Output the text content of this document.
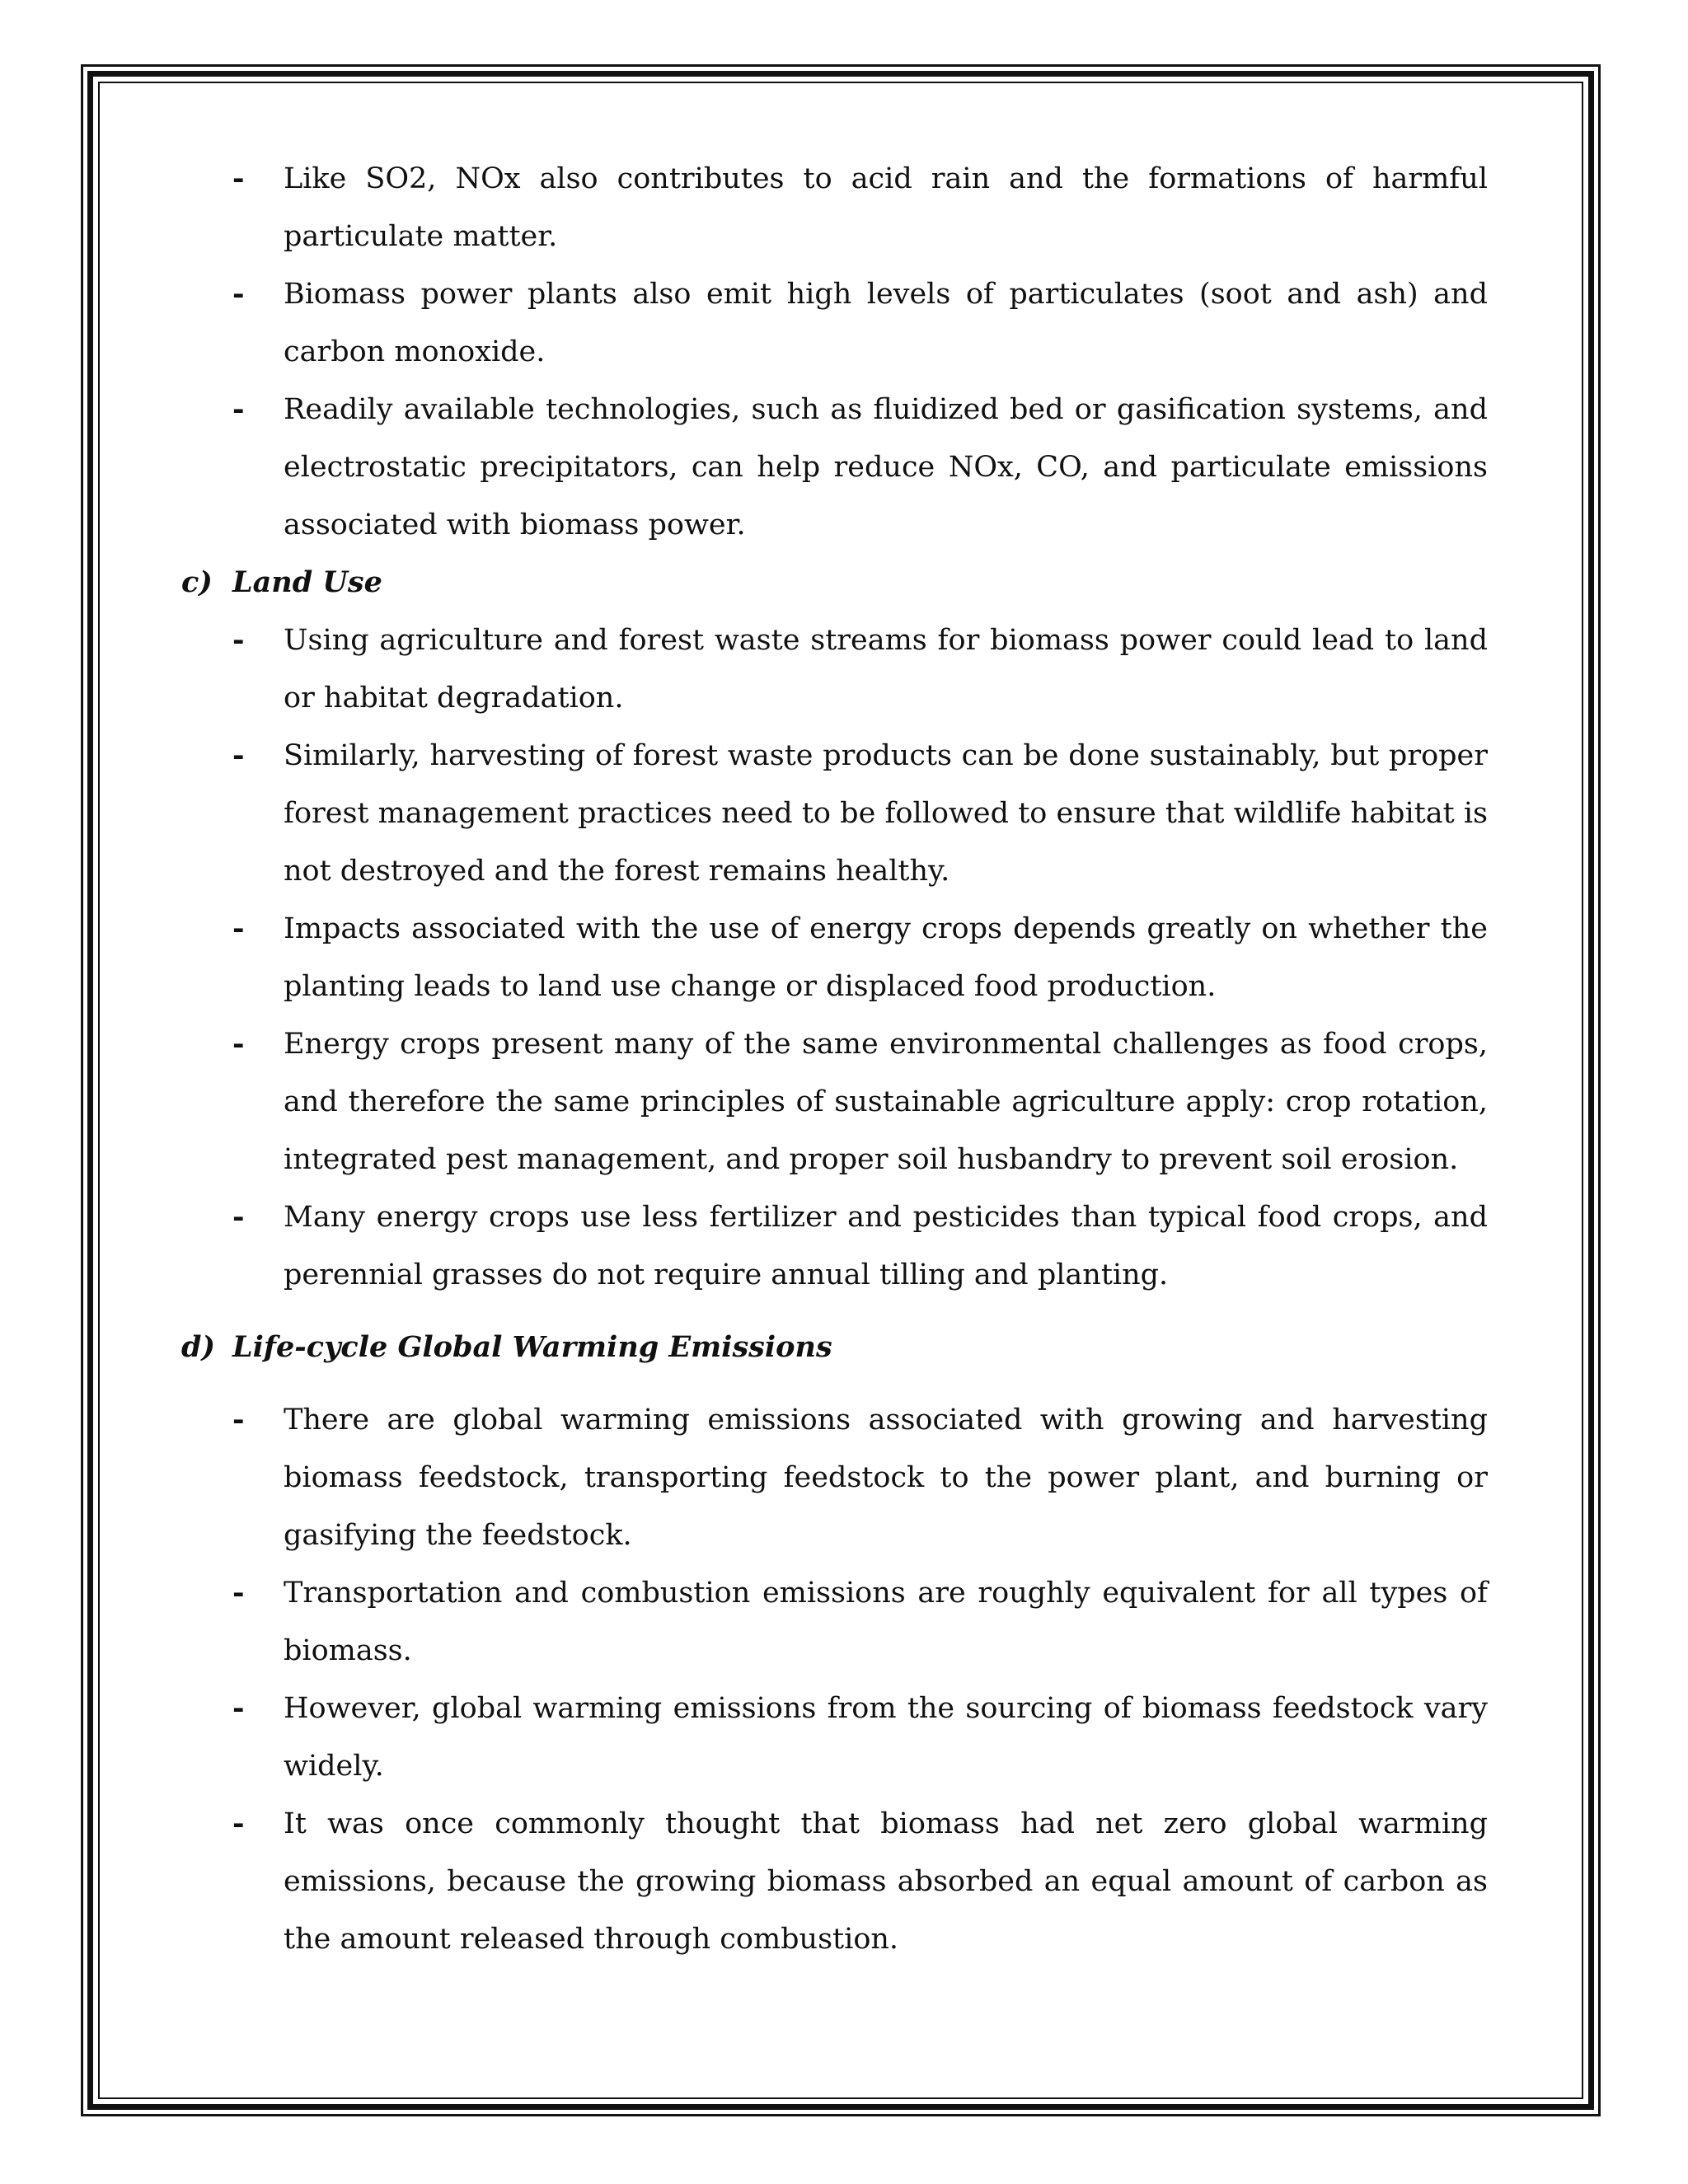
- Like SO2, NOx also contributes to acid rain and the formations of harmful particulate matter.
- Biomass power plants also emit high levels of particulates (soot and ash) and carbon monoxide.
- Readily available technologies, such as fluidized bed or gasification systems, and electrostatic precipitators, can help reduce NOx, CO, and particulate emissions associated with biomass power.
c) Land Use
- Using agriculture and forest waste streams for biomass power could lead to land or habitat degradation.
- Similarly, harvesting of forest waste products can be done sustainably, but proper forest management practices need to be followed to ensure that wildlife habitat is not destroyed and the forest remains healthy.
- Impacts associated with the use of energy crops depends greatly on whether the planting leads to land use change or displaced food production.
- Energy crops present many of the same environmental challenges as food crops, and therefore the same principles of sustainable agriculture apply: crop rotation, integrated pest management, and proper soil husbandry to prevent soil erosion.
- Many energy crops use less fertilizer and pesticides than typical food crops, and perennial grasses do not require annual tilling and planting.
d) Life-cycle Global Warming Emissions
- There are global warming emissions associated with growing and harvesting biomass feedstock, transporting feedstock to the power plant, and burning or gasifying the feedstock.
- Transportation and combustion emissions are roughly equivalent for all types of biomass.
- However, global warming emissions from the sourcing of biomass feedstock vary widely.
- It was once commonly thought that biomass had net zero global warming emissions, because the growing biomass absorbed an equal amount of carbon as the amount released through combustion.
